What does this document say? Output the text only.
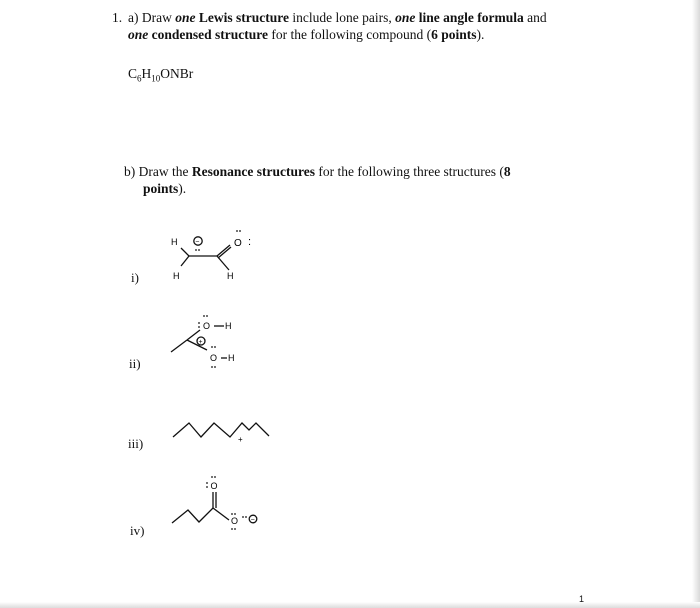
1. a) Draw one Lewis structure include lone pairs, one line angle formula and
one condensed structure for the following compound (6 points).
$C_6H_{10}ONBr$
b) Draw the Resonance structures for the following three structures (8
points).
i)
ii)
iii)
iv)
H
H	H
O :
−
+
O H
O H
+
O
O −
1
